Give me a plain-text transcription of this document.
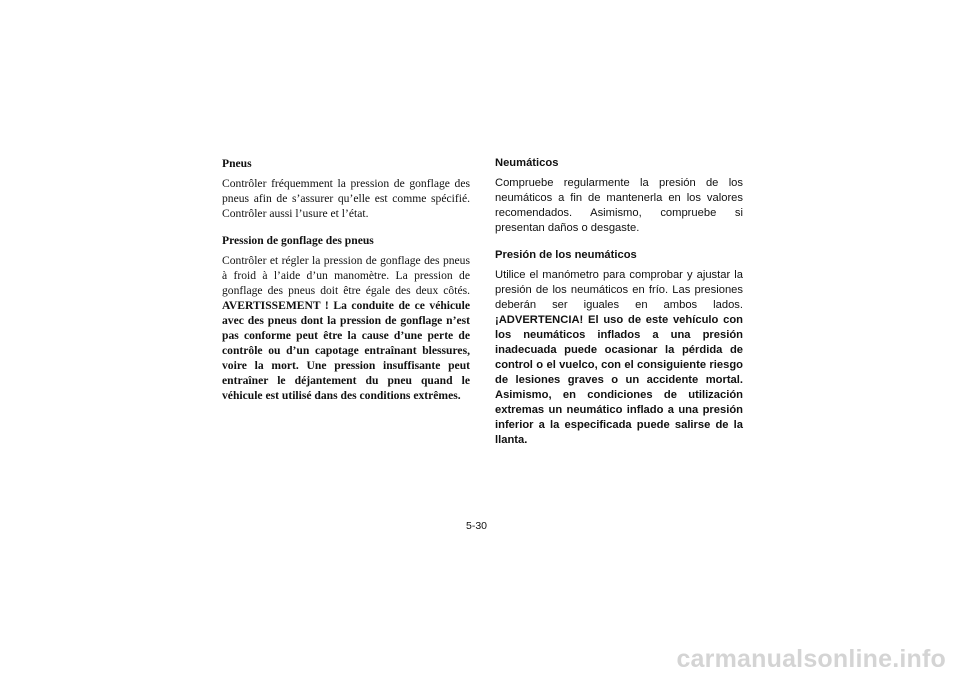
Pneus
Contrôler fréquemment la pression de gonflage des pneus afin de s’assurer qu’elle est comme spécifié. Contrôler aussi l’usure et l’état.
Pression de gonflage des pneus
Contrôler et régler la pression de gonflage des pneus à froid à l’aide d’un manomètre. La pression de gonflage des pneus doit être égale des deux côtés. AVERTISSEMENT ! La conduite de ce véhicule avec des pneus dont la pression de gonflage n’est pas conforme peut être la cause d’une perte de contrôle ou d’un capotage entraînant blessures, voire la mort. Une pression insuffisante peut entraîner le déjantement du pneu quand le véhicule est utilisé dans des conditions extrêmes.
Neumáticos
Compruebe regularmente la presión de los neumáticos a fin de mantenerla en los valores recomendados. Asimismo, compruebe si presentan daños o desgaste.
Presión de los neumáticos
Utilice el manómetro para comprobar y ajustar la presión de los neumáticos en frío. Las presiones deberán ser iguales en ambos lados. ¡ADVERTENCIA! El uso de este vehículo con los neumáticos inflados a una presión inadecuada puede ocasionar la pérdida de control o el vuelco, con el consiguiente riesgo de lesiones graves o un accidente mortal. Asimismo, en condiciones de utilización extremas un neumático inflado a una presión inferior a la especificada puede salirse de la llanta.
5-30
carmanualsonline.info
